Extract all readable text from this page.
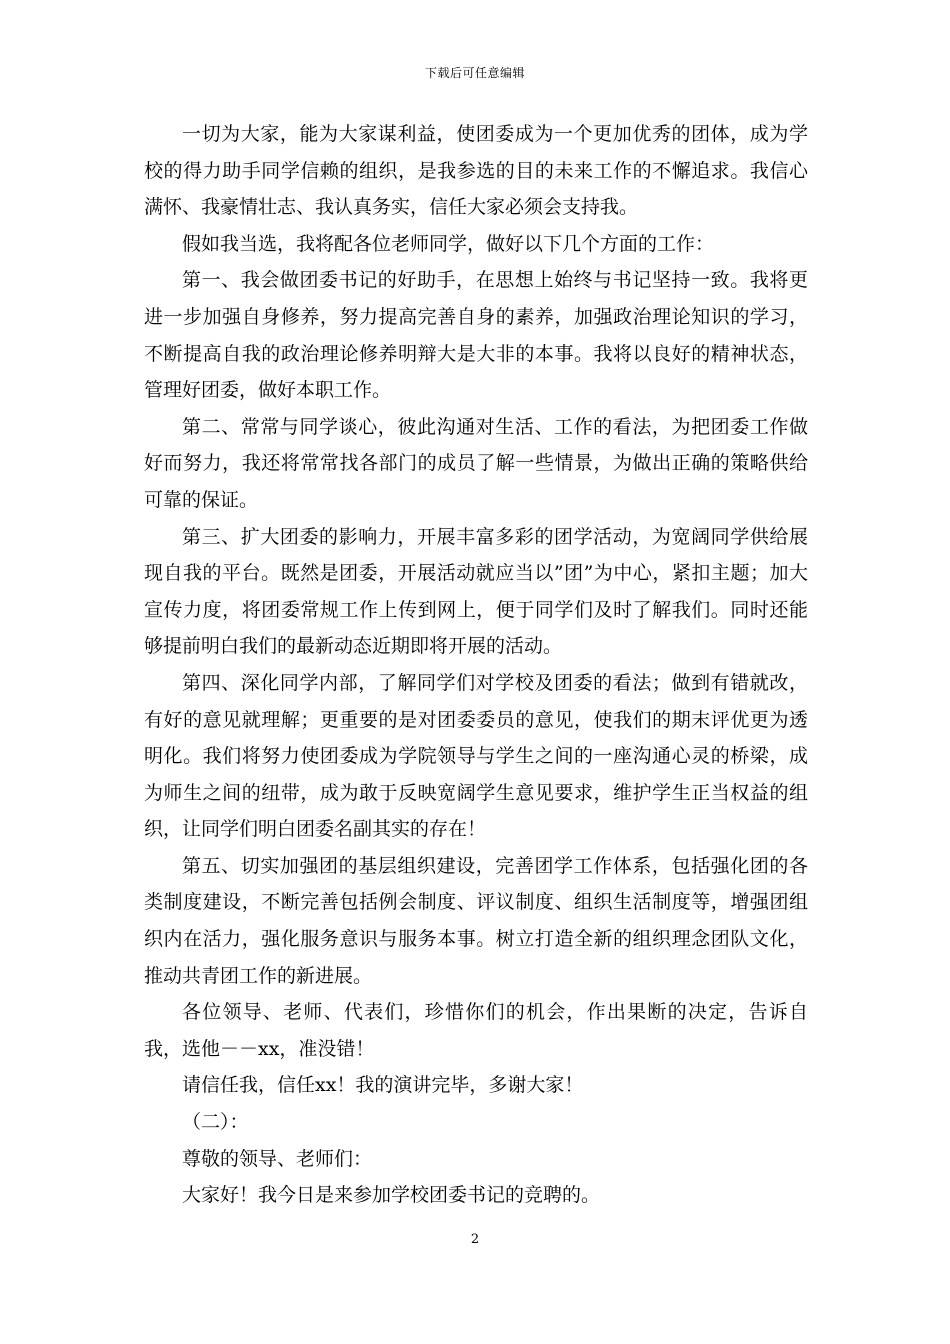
下载后可任意编辑

一切为大家，能为大家谋利益，使团委成为一个更加优秀的团体，成为学校的得力助手同学信赖的组织，是我参选的目的未来工作的不懈追求。我信心满怀、我豪情壮志、我认真务实，信任大家必须会支持我。

假如我当选，我将配各位老师同学，做好以下几个方面的工作：

第一、我会做团委书记的好助手，在思想上始终与书记坚持一致。我将更进一步加强自身修养，努力提高完善自身的素养，加强政治理论知识的学习，不断提高自我的政治理论修养明辩大是大非的本事。我将以良好的精神状态，管理好团委，做好本职工作。

第二、常常与同学谈心，彼此沟通对生活、工作的看法，为把团委工作做好而努力，我还将常常找各部门的成员了解一些情景，为做出正确的策略供给可靠的保证。

第三、扩大团委的影响力，开展丰富多彩的团学活动，为宽阔同学供给展现自我的平台。既然是团委，开展活动就应当以”团”为中心，紧扣主题；加大宣传力度，将团委常规工作上传到网上，便于同学们及时了解我们。同时还能够提前明白我们的最新动态近期即将开展的活动。

第四、深化同学内部，了解同学们对学校及团委的看法；做到有错就改，有好的意见就理解；更重要的是对团委委员的意见，使我们的期末评优更为透明化。我们将努力使团委成为学院领导与学生之间的一座沟通心灵的桥梁，成为师生之间的纽带，成为敢于反映宽阔学生意见要求，维护学生正当权益的组织，让同学们明白团委名副其实的存在！

第五、切实加强团的基层组织建设，完善团学工作体系，包括强化团的各类制度建设，不断完善包括例会制度、评议制度、组织生活制度等，增强团组织内在活力，强化服务意识与服务本事。树立打造全新的组织理念团队文化，推动共青团工作的新进展。

各位领导、老师、代表们，珍惜你们的机会，作出果断的决定，告诉自我，选他－－xx，准没错！

请信任我，信任xx！我的演讲完毕，多谢大家！

（二）：

尊敬的领导、老师们：

大家好！我今日是来参加学校团委书记的竞聘的。

2
